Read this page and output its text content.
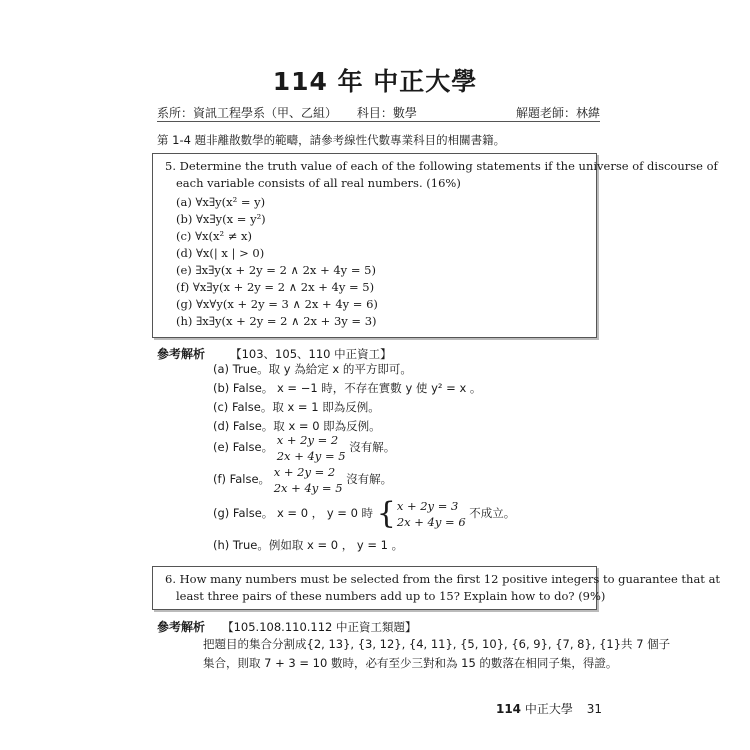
114 年 中正大學
系所：資訊工程學系（甲、乙組） 科目：數學	解題老師：林緯
第 1-4 題非離散數學的範疇，請參考線性代數專業科目的相關書籍。
5. Determine the truth value of each of the following statements if the universe of discourse of
each variable consists of all real numbers. (16%)
(a) ∀x∃y(x² = y)
(b) ∀x∃y(x = y²)
(c) ∀x(x² ≠ x)
(d) ∀x(| x | > 0)
(e) ∃x∃y(x + 2y = 2 ∧ 2x + 4y = 5)
(f) ∀x∃y(x + 2y = 2 ∧ 2x + 4y = 5)
(g) ∀x∀y(x + 2y = 3 ∧ 2x + 4y = 6)
(h) ∃x∃y(x + 2y = 2 ∧ 2x + 3y = 3)
參考解析 【103、105、110 中正資工】
(a) True。取 y 為給定 x 的平方即可。
(b) False。 x = −1 時，不存在實數 y 使 y² = x 。
(c) False。取 x = 1 即為反例。
(d) False。取 x = 0 即為反例。
(e) False。 x + 2y = 2
2x + 4y = 5 沒有解。
(f) False。 x + 2y = 2
2x + 4y = 5 沒有解。
(g) False。 x = 0 ， y = 0 時 {x + 2y = 3
2x + 4y = 6 不成立。
(h) True。例如取 x = 0 ， y = 1 。
6. How many numbers must be selected from the first 12 positive integers to guarantee that at
least three pairs of these numbers add up to 15? Explain how to do? (9%)
參考解析 【105.108.110.112 中正資工類題】
把題目的集合分割成{2, 13}, {3, 12}, {4, 11}, {5, 10}, {6, 9}, {7, 8}, {1}共 7 個子
集合，則取 7 + 3 = 10 數時，必有至少三對和為 15 的數落在相同子集，得證。
114 中正大學 31
